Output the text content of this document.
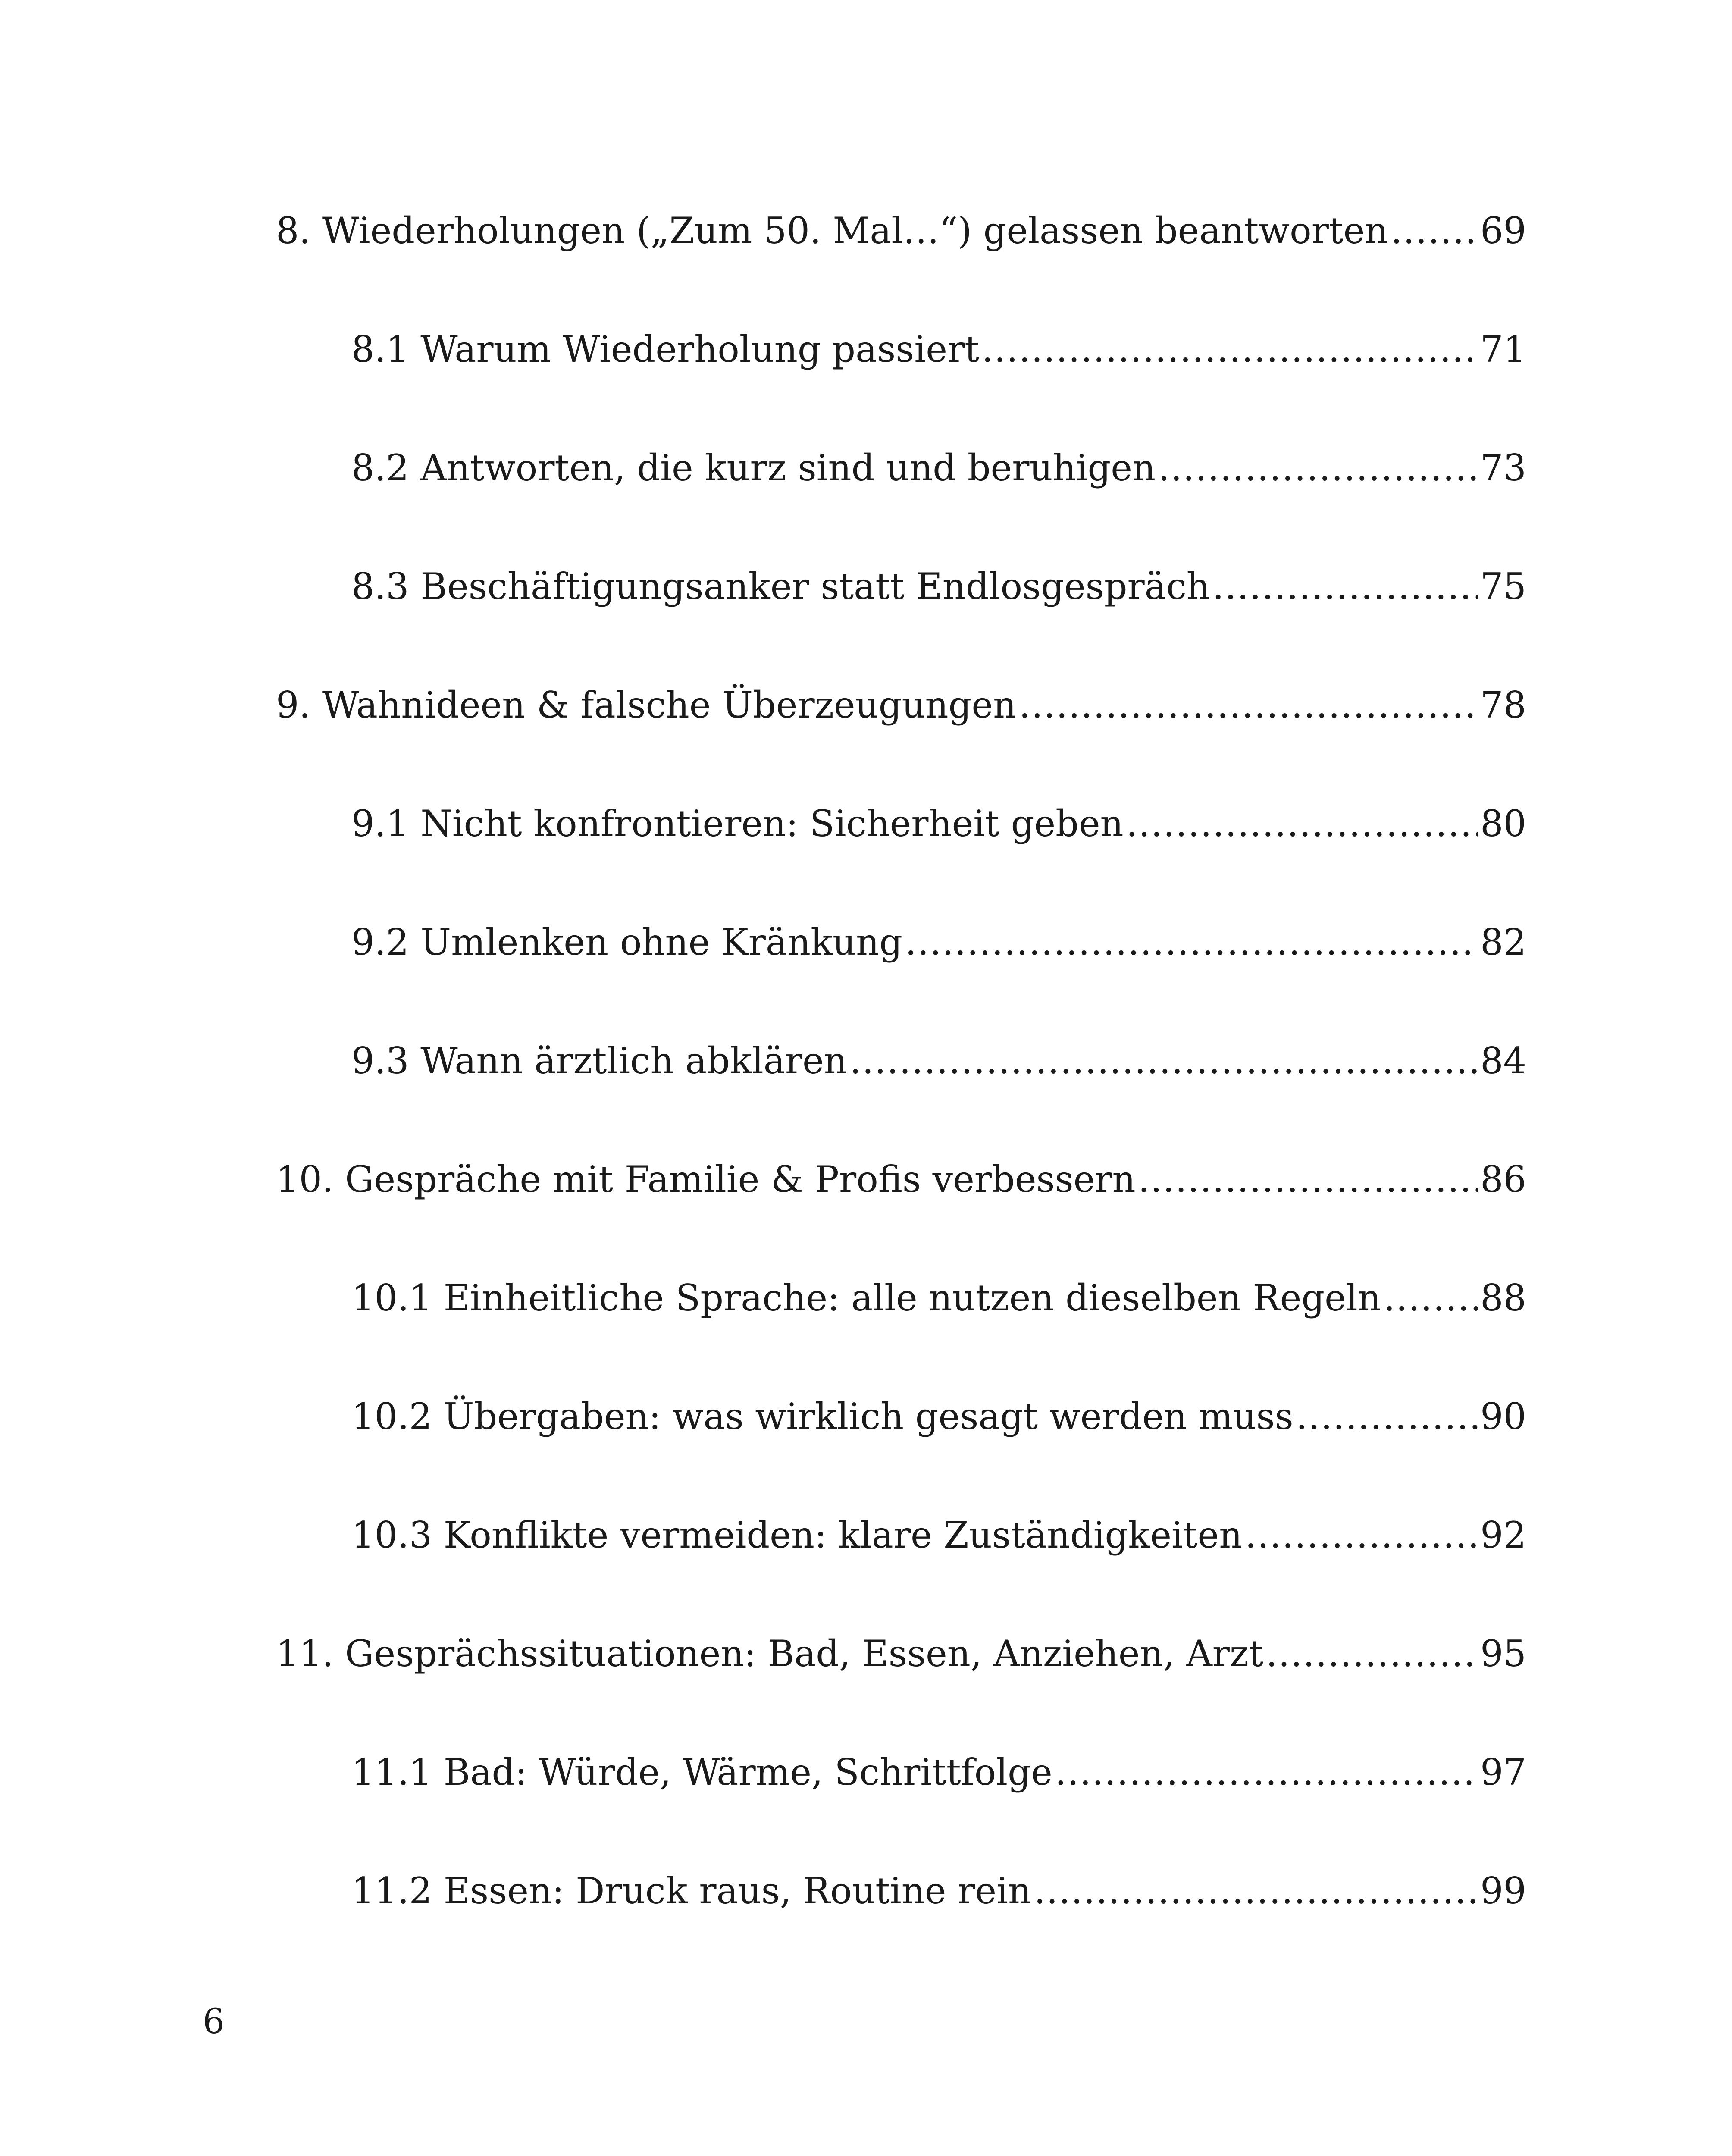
8. Wiederholungen („Zum 50. Mal…“) gelassen beantworten .....	69
8.1 Warum Wiederholung passiert .....	71
8.2 Antworten, die kurz sind und beruhigen .....	73
8.3 Beschäftigungsanker statt Endlosgespräch .....	75
9. Wahnideen & falsche Überzeugungen .....	78
9.1 Nicht konfrontieren: Sicherheit geben .....	80
9.2 Umlenken ohne Kränkung .....	82
9.3 Wann ärztlich abklären .....	84
10. Gespräche mit Familie & Profis verbessern .....	86
10.1 Einheitliche Sprache: alle nutzen dieselben Regeln .....	88
10.2 Übergaben: was wirklich gesagt werden muss .....	90
10.3 Konflikte vermeiden: klare Zuständigkeiten .....	92
11. Gesprächssituationen: Bad, Essen, Anziehen, Arzt .....	95
11.1 Bad: Würde, Wärme, Schrittfolge .....	97
11.2 Essen: Druck raus, Routine rein .....	99
6
